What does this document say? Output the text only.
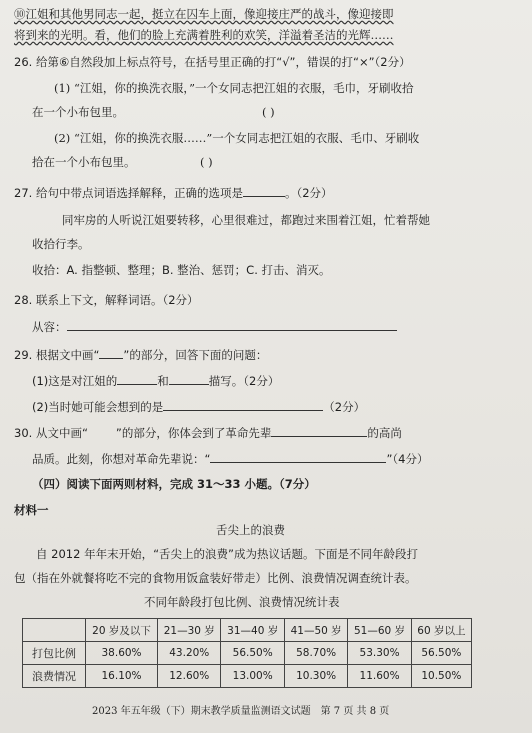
⑩江姐和其他男同志一起，挺立在囚车上面，像迎接庄严的战斗，像迎接即
将到来的光明。看，他们的脸上充满着胜利的欢笑，洋溢着圣洁的光辉……
26. 给第⑥自然段加上标点符号，在括号里正确的打“√”，错误的打“×”（2分）
(1) “江姐，你的换洗衣服，”一个女同志把江姐的衣服，毛巾，牙刷收拾
在一个小布包里。	( )
(2) “江姐，你的换洗衣服……”一个女同志把江姐的衣服、毛巾、牙刷收
拾在一个小布包里。	( )
27. 给句中带点词语选择解释，正确的选项是	。（2分）
同牢房的人听说江姐要转移，心里很难过，都跑过来围着江姐，忙着帮她
收拾行李。
收拾：A. 指整顿、整理；B. 整治、惩罚；C. 打击、消灭。
28. 联系上下文，解释词语。（2分）
从容：
29. 根据文中画“ ”的部分，回答下面的问题：
(1)这是对江姐的	和	描写。（2分）
(2)当时她可能会想到的是	（2分）
30. 从文中画“ ”的部分，你体会到了革命先辈	的高尚
品质。此刻，你想对革命先辈说：“	”（4分）
（四）阅读下面两则材料，完成 31～33 小题。（7分）
材料一
舌尖上的浪费
自 2012 年年末开始，“舌尖上的浪费”成为热议话题。下面是不同年龄段打
包（指在外就餐将吃不完的食物用饭盒装好带走）比例、浪费情况调查统计表。
不同年龄段打包比例、浪费情况统计表
	20 岁及以下	21—30 岁	31—40 岁	41—50 岁	51—60 岁	60 岁以上
打包比例	38.60%	43.20%	56.50%	58.70%	53.30%	56.50%
浪费情况	16.10%	12.60%	13.00%	10.30%	11.60%	10.50%
2023 年五年级（下）期末教学质量监测语文试题　第 7 页 共 8 页
